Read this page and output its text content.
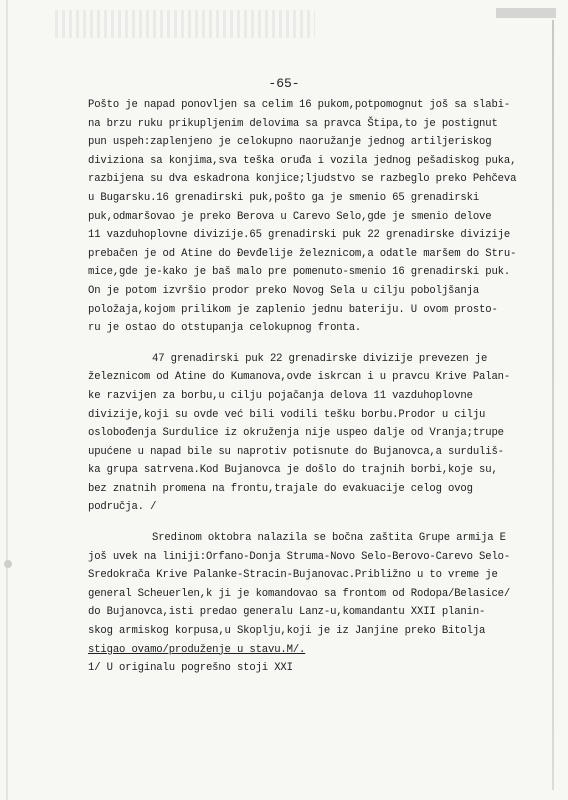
-65-
Pošto je napad ponovljen sa celim 16 pukom,potpomognut još sa slabi-
na brzu ruku prikupljenim delovima sa pravca Štipa,to je postignut
pun uspeh:zaplenjeno je celokupno naoružanje jednog artiljeriskog
diviziona sa konjima,sva teška oruđa i vozila jednog pešadiskog puka,
razbijena su dva eskadrona konjice;ljudstvo se razbeglo preko Pehčeva
u Bugarsku.16 grenadirski puk,pošto ga je smenio 65 grenadirski
puk,odmaršovao je preko Berova u Carevo Selo,gde je smenio delove
11 vazduhoplovne divizije.65 grenadirski puk 22 grenadirske divizije
prebačen je od Atine do Đevđelije železnicom,a odatle maršem do Stru-
mice,gde je-kako je baš malo pre pomenuto-smenio 16 grenadirski puk.
On je potom izvršio prodor preko Novog Sela u cilju poboljšanja
položaja,kojom prilikom je zaplenio jednu bateriju. U ovom prosto-
ru je ostao do otstupanja celokupnog fronta.
47 grenadirski puk 22 grenadirske divizije prevezen je
železnicom od Atine do Kumanova,ovde iskrcan i u pravcu Krive Palan-
ke razvijen za borbu,u cilju pojačanja delova 11 vazduhoplovne
divizije,koji su ovde već bili vodili tešku borbu.Prodor u cilju
oslobođenja Surdulice iz okruženja nije uspeo dalje od Vranja;trupe
upućene u napad bile su naprotiv potisnute do Bujanovca,a surduliš-
ka grupa satrvena.Kod Bujanovca je došlo do trajnih borbi,koje su,
bez znatnih promena na frontu,trajale do evakuacije celog ovog
područja. /
Sredinom oktobra nalazila se bočna zaštita Grupe armija E
još uvek na liniji:Orfano-Donja Struma-Novo Selo-Berovo-Carevo Selo-
Sredokrača Krive Palanke-Stracin-Bujanovac.Približno u to vreme je
general Scheuerlen,k ji je komandovao sa frontom od Rodopa/Belasice/
do Bujanovca,isti predao generalu Lanz-u,komandantu XXII planin-
skog armiskog korpusa,u Skoplju,koji je iz Janjine preko Bitolja
stigao ovamo/produženje u stavu.M/.
1/ U originalu pogrešno stoji XXI
